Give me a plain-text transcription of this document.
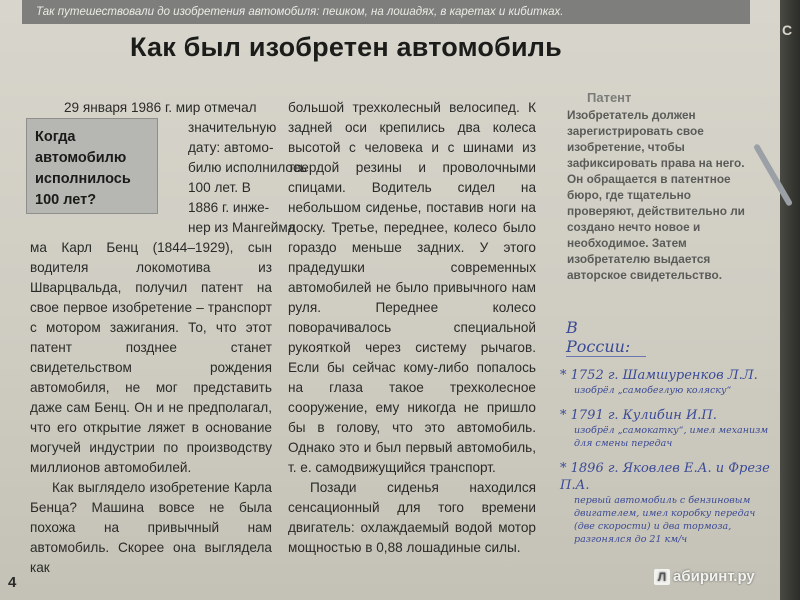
Так путешествовали до изобретения автомобиля: пешком, на лошадях, в каретах и кибитках.
Как был изобретен автомобиль
Когда
автомобилю
исполнилось
100 лет?
29 января 1986 г. мир отмечал
значительную
дату: автомо-
билю исполнилось
100 лет. В
1886 г. инже-
нер из Мангейма
ма Карл Бенц (1844–1929), сын водителя локомотива из Шварцвальда, получил патент на свое первое изобретение – транспорт с мотором зажигания. То, что этот патент позднее станет свидетельством рождения автомобиля, не мог представить даже сам Бенц. Он и не предполагал, что его открытие ляжет в основание могучей индустрии по производству миллионов автомобилей.
Как выглядело изобретение Карла Бенца? Машина вовсе не была похожа на привычный нам автомобиль. Скорее она выглядела как
большой трехколесный велосипед. К задней оси крепились два колеса высотой с человека и с шинами из твердой резины и проволочными спицами. Водитель сидел на небольшом сиденье, поставив ноги на доску. Третье, переднее, колесо было гораздо меньше задних. У этого прадедушки современных автомобилей не было привычного нам руля. Переднее колесо поворачивалось специальной рукояткой через систему рычагов. Если бы сейчас кому-либо попалось на глаза такое трехколесное сооружение, ему никогда не пришло бы в голову, что это автомобиль. Однако это и был первый автомобиль, т. е. самодвижущийся транспорт.
Позади сиденья находился сенсационный для того времени двигатель: охлаждаемый водой мотор мощностью в 0,88 лошадиные силы.
Патент
Изобретатель должен зарегистрировать свое изобретение, чтобы зафиксировать права на него. Он обращается в патентное бюро, где тщательно проверяют, действительно ли создано нечто новое и необходимое. Затем изобретателю выдается авторское свидетельство.
В России:
* 1752 г. Шамшуренков Л.Л.
изобрёл „самобеглую коляску“
* 1791 г. Кулибин И.П.
изобрёл „самокатку“, имел механизм для смены передач
* 1896 г. Яковлев Е.А. и Фрезе П.А.
первый автомобиль с бензиновым двигателем, имел коробку передач (две скорости) и два тормоза, разгонялся до 21 км/ч
4	Л абиринт.ру
С
